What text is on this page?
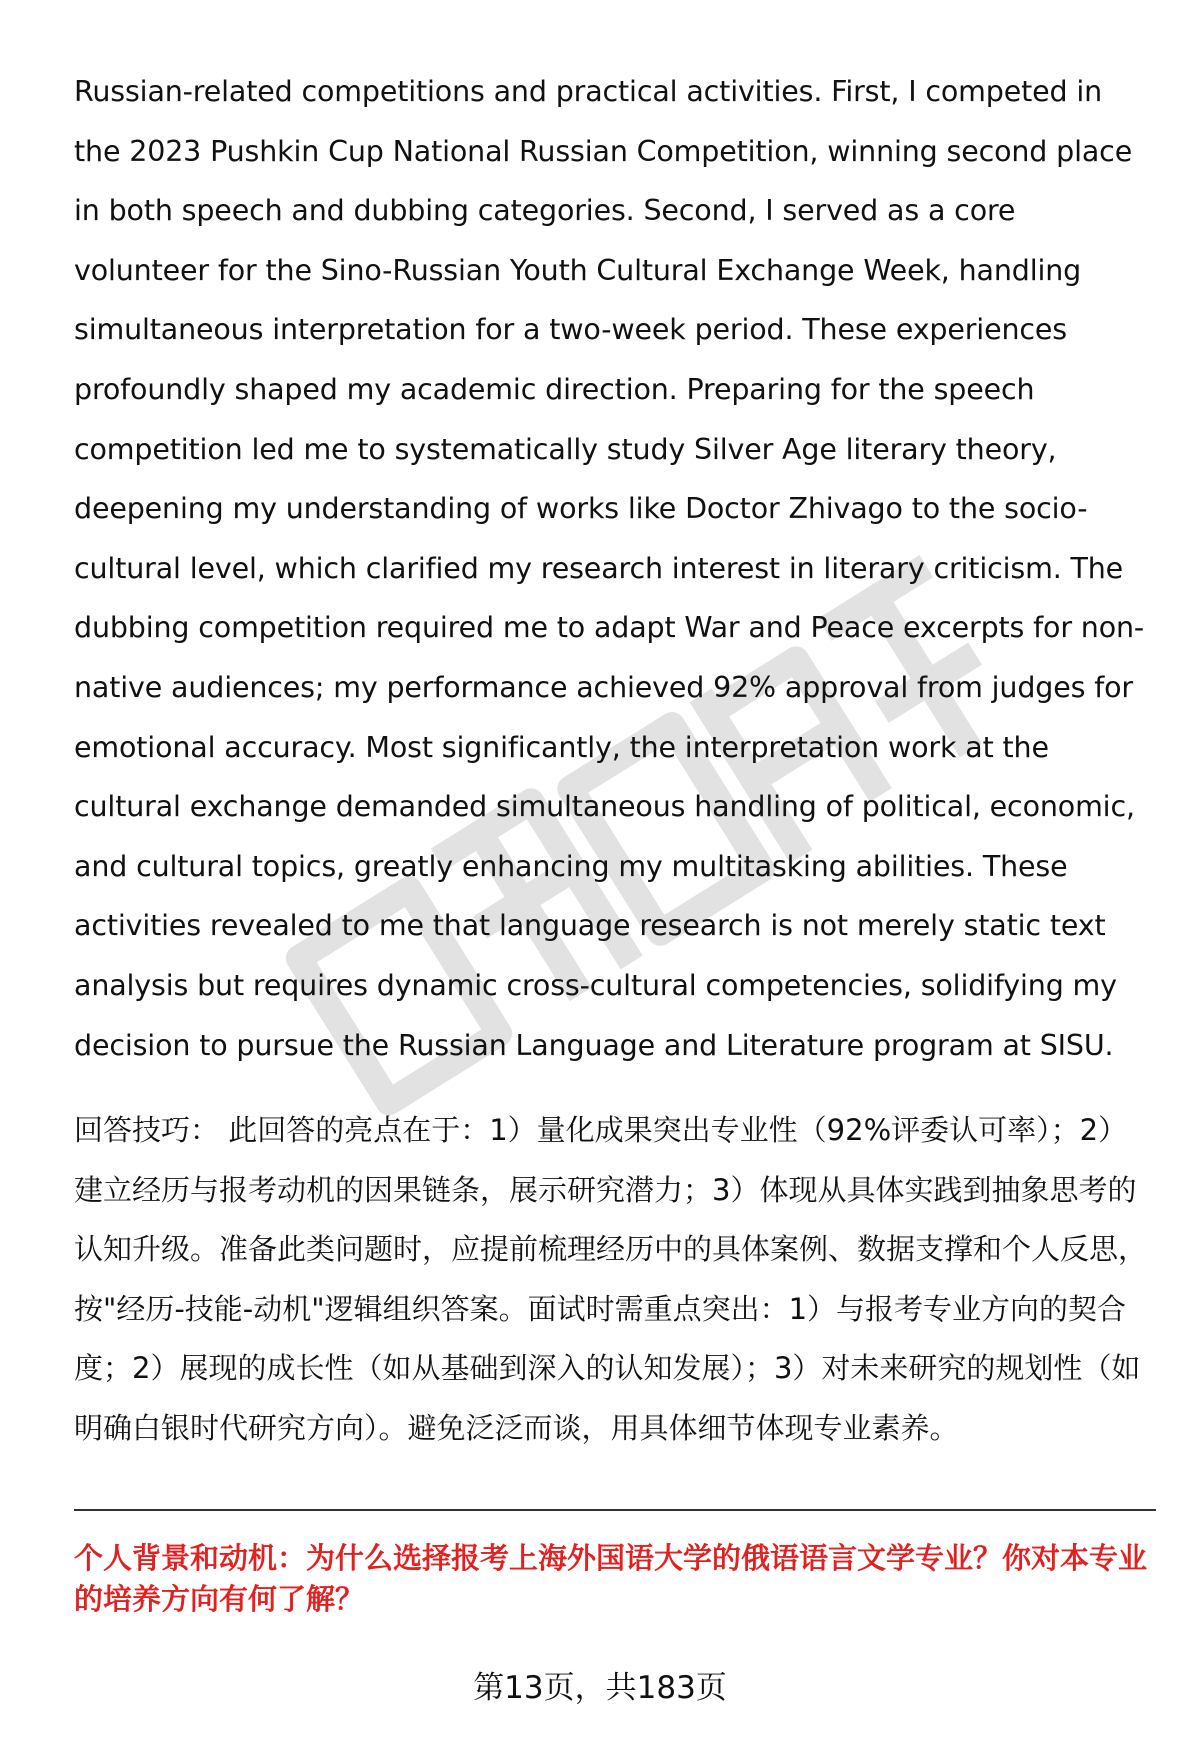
Russian-related competitions and practical activities. First, I competed in the 2023 Pushkin Cup National Russian Competition, winning second place in both speech and dubbing categories. Second, I served as a core volunteer for the Sino-Russian Youth Cultural Exchange Week, handling simultaneous interpretation for a two-week period. These experiences profoundly shaped my academic direction. Preparing for the speech competition led me to systematically study Silver Age literary theory, deepening my understanding of works like Doctor Zhivago to the socio-cultural level, which clarified my research interest in literary criticism. The dubbing competition required me to adapt War and Peace excerpts for non-native audiences; my performance achieved 92% approval from judges for emotional accuracy. Most significantly, the interpretation work at the cultural exchange demanded simultaneous handling of political, economic, and cultural topics, greatly enhancing my multitasking abilities. These activities revealed to me that language research is not merely static text analysis but requires dynamic cross-cultural competencies, solidifying my decision to pursue the Russian Language and Literature program at SISU.

回答技巧： 此回答的亮点在于：1）量化成果突出专业性（92%评委认可率）；2）建立经历与报考动机的因果链条，展示研究潜力；3）体现从具体实践到抽象思考的认知升级。准备此类问题时，应提前梳理经历中的具体案例、数据支撑和个人反思，按"经历-技能-动机"逻辑组织答案。面试时需重点突出：1）与报考专业方向的契合度；2）展现的成长性（如从基础到深入的认知发展）；3）对未来研究的规划性（如明确白银时代研究方向）。避免泛泛而谈，用具体细节体现专业素养。

个人背景和动机：为什么选择报考上海外国语大学的俄语语言文学专业？你对本专业的培养方向有何了解？

第13页，共183页
